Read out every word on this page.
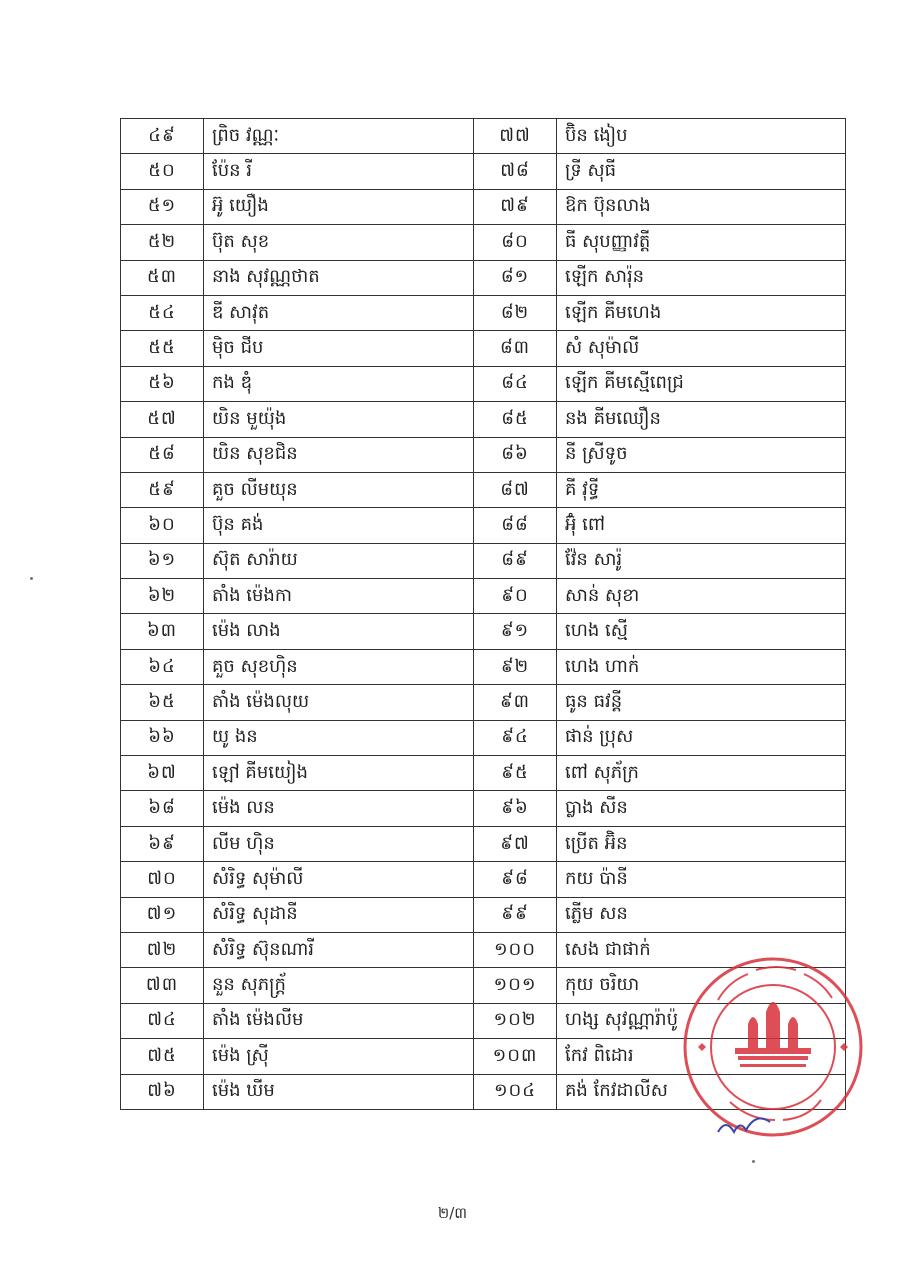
៤៩	ព្រិច វណ្ណៈ	៧៧	ប៊ិន ងៀប
៥០	ប៉ែន រី	៧៨	ទ្រី សុធី
៥១	អ៊ូ យឿង	៧៩	ឱក ប៊ុនលាង
៥២	ប៊ុត សុខ	៨០	ធី សុបញ្ញាវត្តី
៥៣	នាង សុវណ្ណថាត	៨១	ឡើក សារ៉ុន
៥៤	ឌី សាវុត	៨២	ឡើក គីមហេង
៥៥	ម៉ិច ជីប	៨៣	សំ សុម៉ាលី
៥៦	កង ឌុំ	៨៤	ឡើក គីមស្មើពេជ្រ
៥៧	យិន មួយ៉ុង	៨៥	នង គីមឈឿន
៥៨	យិន សុខជិន	៨៦	នី ស្រីទូច
៥៩	គួច លីមយុន	៨៧	គី វុទ្ធី
៦០	ប៊ុន គង់	៨៨	អ៊ុំ ពៅ
៦១	ស៊ុត សារ៉ាយ	៨៩	វ៉ែន សារ៉ូ
៦២	តាំង ម៉េងកា	៩០	សាន់ សុខា
៦៣	ម៉េង លាង	៩១	ហេង ស្មើ
៦៤	គួច សុខហ៊ិន	៩២	ហេង ហាក់
៦៥	តាំង ម៉េងលុយ	៩៣	ធូន ធវន្តី
៦៦	យូ ងន	៩៤	ផាន់ ប្រុស
៦៧	ឡៅ គីមយៀង	៩៥	ពៅ សុភ័ក្រ
៦៨	ម៉េង លន	៩៦	ប្លាង សីន
៦៩	លីម ហ៊ិន	៩៧	ប្រើត អ៊ិន
៧០	សំរិទ្ធ សុម៉ាលី	៩៨	កយ ប៉ានី
៧១	សំរិទ្ធ សុដានី	៩៩	ភ្លើម សន
៧២	សំរិទ្ធ ស៊ុនណារី	១០០	សេង ជាផាក់
៧៣	នួន សុភក្រ្ត័	១០១	កុយ ចរិយា
៧៤	តាំង ម៉េងលីម	១០២	ហង្ស សុវណ្ណារ៉ាប៉ូ
៧៥	ម៉េង ស្រ៊ី	១០៣	កែវ ពិដោរ
៧៦	ម៉េង ឃីម	១០៤	គង់ កែវដាលីស
២/៣
